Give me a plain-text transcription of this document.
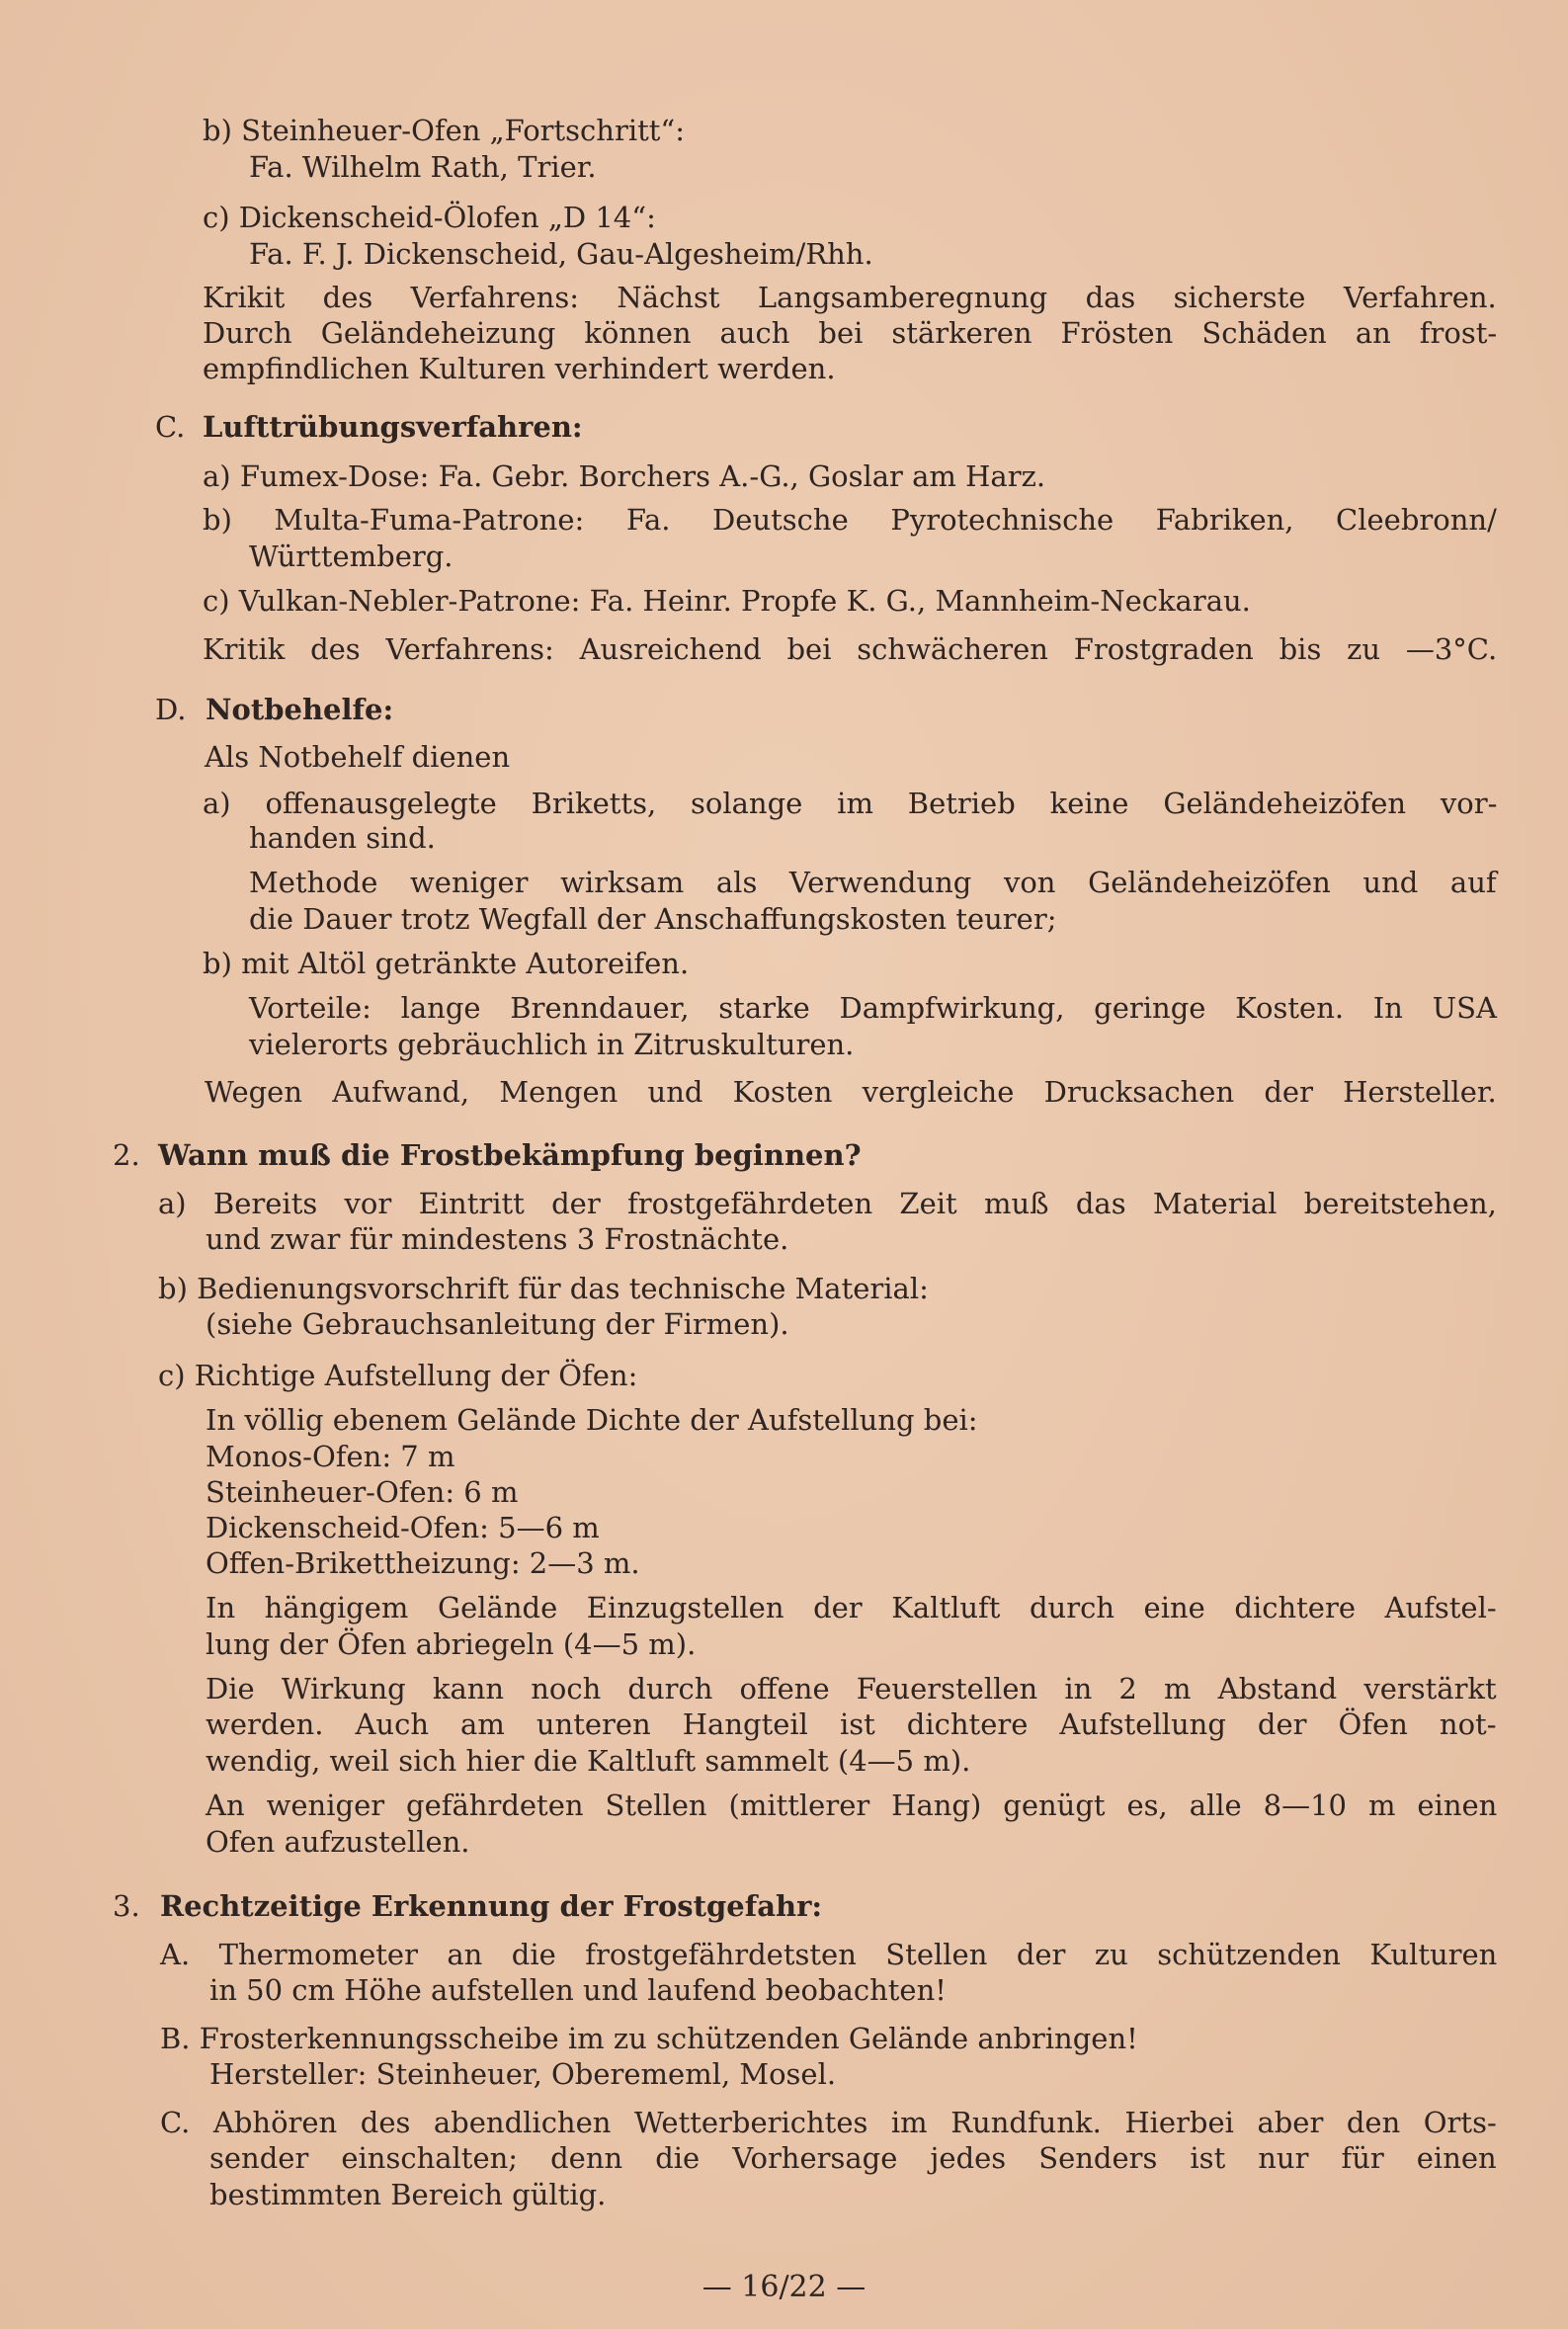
b) Steinheuer-Ofen „Fortschritt“:
Fa. Wilhelm Rath, Trier.
c) Dickenscheid-Ölofen „D 14“:
Fa. F. J. Dickenscheid, Gau-Algesheim/Rhh.
Krikit des Verfahrens: Nächst Langsamberegnung das sicherste Verfahren.
Durch Geländeheizung können auch bei stärkeren Frösten Schäden an frost-
empfindlichen Kulturen verhindert werden.
C. Lufttrübungsverfahren:
a) Fumex-Dose: Fa. Gebr. Borchers A.-G., Goslar am Harz.
b) Multa-Fuma-Patrone: Fa. Deutsche Pyrotechnische Fabriken, Cleebronn/
Württemberg.
c) Vulkan-Nebler-Patrone: Fa. Heinr. Propfe K. G., Mannheim-Neckarau.
Kritik des Verfahrens: Ausreichend bei schwächeren Frostgraden bis zu —3°C.
D. Notbehelfe:
Als Notbehelf dienen
a) offenausgelegte Briketts, solange im Betrieb keine Geländeheizöfen vor-
handen sind.
Methode weniger wirksam als Verwendung von Geländeheizöfen und auf
die Dauer trotz Wegfall der Anschaffungskosten teurer;
b) mit Altöl getränkte Autoreifen.
Vorteile: lange Brenndauer, starke Dampfwirkung, geringe Kosten. In USA
vielerorts gebräuchlich in Zitruskulturen.
Wegen Aufwand, Mengen und Kosten vergleiche Drucksachen der Hersteller.
2. Wann muß die Frostbekämpfung beginnen?
a) Bereits vor Eintritt der frostgefährdeten Zeit muß das Material bereitstehen,
und zwar für mindestens 3 Frostnächte.
b) Bedienungsvorschrift für das technische Material:
(siehe Gebrauchsanleitung der Firmen).
c) Richtige Aufstellung der Öfen:
In völlig ebenem Gelände Dichte der Aufstellung bei:
Monos-Ofen: 7 m
Steinheuer-Ofen: 6 m
Dickenscheid-Ofen: 5—6 m
Offen-Brikettheizung: 2—3 m.
In hängigem Gelände Einzugstellen der Kaltluft durch eine dichtere Aufstel-
lung der Öfen abriegeln (4—5 m).
Die Wirkung kann noch durch offene Feuerstellen in 2 m Abstand verstärkt
werden. Auch am unteren Hangteil ist dichtere Aufstellung der Öfen not-
wendig, weil sich hier die Kaltluft sammelt (4—5 m).
An weniger gefährdeten Stellen (mittlerer Hang) genügt es, alle 8—10 m einen
Ofen aufzustellen.
3. Rechtzeitige Erkennung der Frostgefahr:
A. Thermometer an die frostgefährdetsten Stellen der zu schützenden Kulturen
in 50 cm Höhe aufstellen und laufend beobachten!
B. Frosterkennungsscheibe im zu schützenden Gelände anbringen!
Hersteller: Steinheuer, Oberememl, Mosel.
C. Abhören des abendlichen Wetterberichtes im Rundfunk. Hierbei aber den Orts-
sender einschalten; denn die Vorhersage jedes Senders ist nur für einen
bestimmten Bereich gültig.
— 16/22 —
